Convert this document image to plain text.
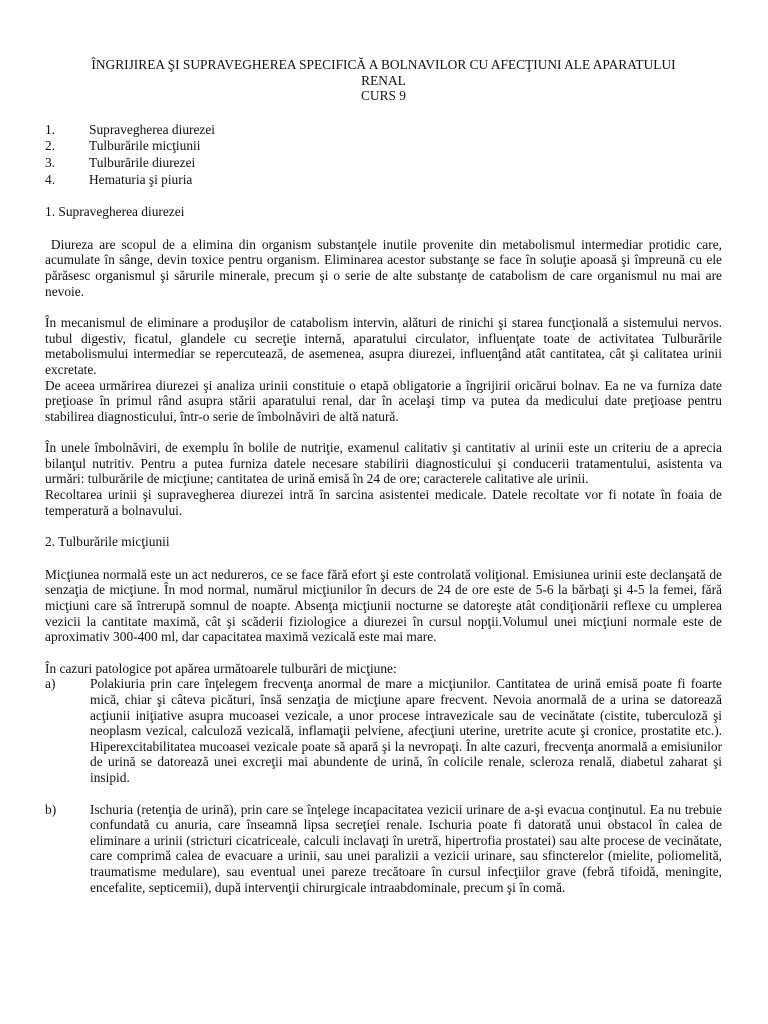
ÎNGRIJIREA ŞI SUPRAVEGHEREA SPECIFICĂ A BOLNAVILOR CU AFECŢIUNI ALE APARATULUI
RENAL
CURS 9
1.	Supravegherea diurezei
2.	Tulburările micţiunii
3.	Tulburările diurezei
4.	Hematuria şi piuria
1. Supravegherea diurezei

Diureza are scopul de a elimina din organism substanţele inutile provenite din metabolismul intermediar protidic care, acumulate în sânge, devin toxice pentru organism. Eliminarea acestor substanţe se face în soluţie apoasă şi împreună cu ele părăsesc organismul şi sărurile minerale, precum şi o serie de alte substanţe de catabolism de care organismul nu mai are nevoie.

În mecanismul de eliminare a produşilor de catabolism intervin, alături de rinichi şi starea funcţională a sistemului nervos. tubul digestiv, ficatul, glandele cu secreţie internă, aparatului circulator, influenţate toate de activitatea Tulburările metabolismului intermediar se repercutează, de asemenea, asupra diurezei, influenţând atât cantitatea, cât şi calitatea urinii excretate.

De aceea urmărirea diurezei şi analiza urinii constituie o etapă obligatorie a îngrijirii oricărui bolnav. Ea ne va furniza date preţioase în primul rând asupra stării aparatului renal, dar în acelaşi timp va putea da medicului date preţioase pentru stabilirea diagnosticului, într-o serie de îmbolnăviri de altă natură.

În unele îmbolnăviri, de exemplu în bolile de nutriţie, examenul calitativ şi cantitativ al urinii este un criteriu de a aprecia bilanţul nutritiv. Pentru a putea furniza datele necesare stabilirii diagnosticului şi conducerii tratamentului, asistenta va urmări: tulburările de micţiune; cantitatea de urină emisă în 24 de ore; caracterele calitative ale urinii.

Recoltarea urinii şi supravegherea diurezei intră în sarcina asistentei medicale. Datele recoltate vor fi notate în foaia de temperatură a bolnavului.

2. Tulburările micţiunii

Micţiunea normală este un act nedureros, ce se face fără efort şi este controlată voliţional. Emisiunea urinii este declanşată de senzaţia de micţiune. În mod normal, numărul micţiunilor în decurs de 24 de ore este de 5-6 la bărbaţi şi 4-5 la femei, fără micţiuni care să întrerupă somnul de noapte. Absenţa micţiunii nocturne se datoreşte atât condiţionării reflexe cu umplerea vezicii la cantitate maximă, cât şi scăderii fiziologice a diurezei în cursul nopţii.Volumul unei micţiuni normale este de aproximativ 300-400 ml, dar capacitatea maximă vezicală este mai mare.

În cazuri patologice pot apărea următoarele tulburări de micţiune:

a)	Polakiuria prin care înţelegem frecvenţa anormal de mare a micţiunilor. Cantitatea de urină emisă poate fi foarte mică, chiar şi câteva picături, însă senzaţia de micţiune apare frecvent. Nevoia anormală de a urina se datorează acţiunii iniţiative asupra mucoasei vezicale, a unor procese intravezicale sau de vecinătate (cistite, tuberculoză şi neoplasm vezical, calculoză vezicală, inflamaţii pelviene, afecţiuni uterine, uretrite acute şi cronice, prostatite etc.). Hiperexcitabilitatea mucoasei vezicale poate să apară şi la nevropaţi. În alte cazuri, frecvenţa anormală a emisiunilor de urină se datorează unei excreţii mai abundente de urină, în colicile renale, scleroza renală, diabetul zaharat şi insipid.
b)	Ischuria (retenţia de urină), prin care se înţelege incapacitatea vezicii urinare de a-şi evacua conţinutul. Ea nu trebuie confundată cu anuria, care înseamnă lipsa secreţiei renale. Ischuria poate fi datorată unui obstacol în calea de eliminare a urinii (stricturi cicatriceale, calculi inclavaţi în uretră, hipertrofia prostatei) sau alte procese de vecinătate, care comprimă calea de evacuare a urinii, sau unei paralizii a vezicii urinare, sau sfincterelor (mielite, poliomelită, traumatisme medulare), sau eventual unei pareze trecătoare în cursul infecţiilor grave (febră tifoidă, meningite, encefalite, septicemii), după intervenţii chirurgicale intraabdominale, precum şi în comă.
